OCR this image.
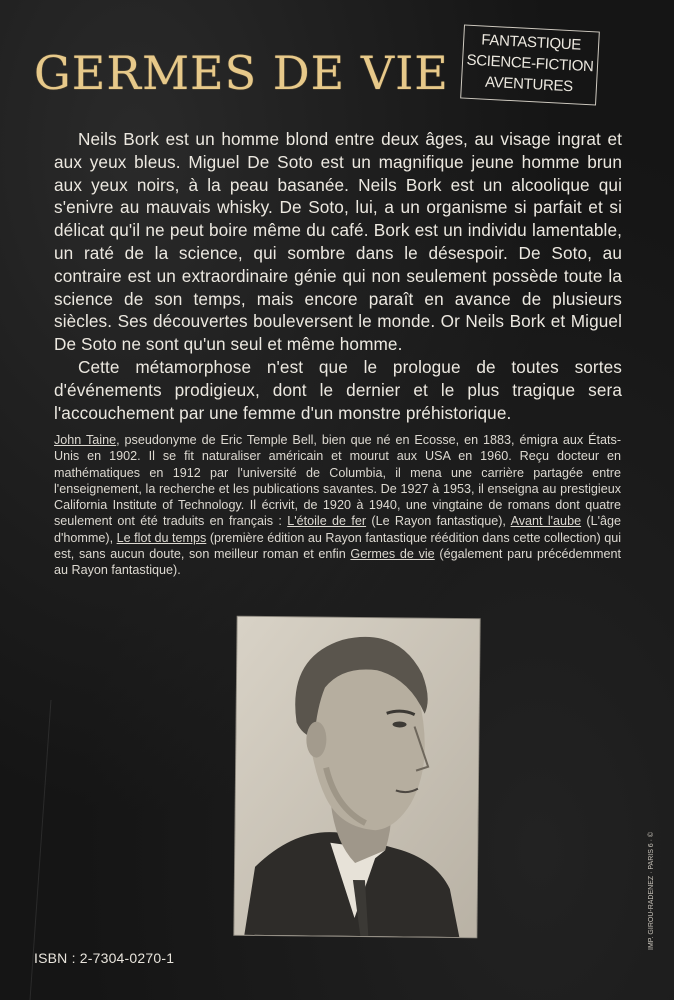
GERMES DE VIE
FANTASTIQUE
SCIENCE-FICTION
AVENTURES

Neils Bork est un homme blond entre deux âges, au visage ingrat et aux yeux bleus. Miguel De Soto est un magnifique jeune homme brun aux yeux noirs, à la peau basanée. Neils Bork est un alcoolique qui s'enivre au mauvais whisky. De Soto, lui, a un organisme si parfait et si délicat qu'il ne peut boire même du café. Bork est un individu lamentable, un raté de la science, qui sombre dans le désespoir. De Soto, au contraire est un extraordinaire génie qui non seulement possède toute la science de son temps, mais encore paraît en avance de plusieurs siècles. Ses découvertes bouleversent le monde. Or Neils Bork et Miguel De Soto ne sont qu'un seul et même homme.

Cette métamorphose n'est que le prologue de toutes sortes d'événements prodigieux, dont le dernier et le plus tragique sera l'accouchement par une femme d'un monstre préhistorique.

John Taine, pseudonyme de Eric Temple Bell, bien que né en Ecosse, en 1883, émigra aux États-Unis en 1902. Il se fit naturaliser américain et mourut aux USA en 1960. Reçu docteur en mathématiques en 1912 par l'université de Columbia, il mena une carrière partagée entre l'enseignement, la recherche et les publications savantes. De 1927 à 1953, il enseigna au prestigieux California Institute of Technology. Il écrivit, de 1920 à 1940, une vingtaine de romans dont quatre seulement ont été traduits en français : L'étoile de fer (Le Rayon fantastique), Avant l'aube (L'âge d'homme), Le flot du temps (première édition au Rayon fantastique réédition dans cette collection) qui est, sans aucun doute, son meilleur roman et enfin Germes de vie (également paru précédemment au Rayon fantastique).

ISBN : 2-7304-0270-1
IMP. GIROU-RADENEZ · PARIS 6 · ©
